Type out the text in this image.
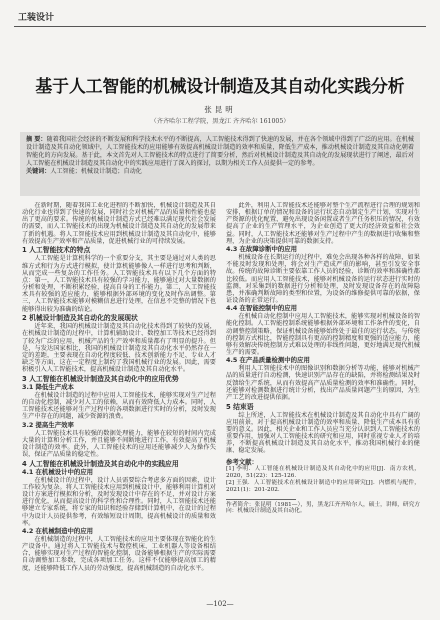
工装设计
基于人工智能的机械设计制造及其自动化实践分析
张昆明
（齐齐哈尔工程学院，黑龙江 齐齐哈尔 161005）

摘 要：随着我国社会经济的不断发展和科学技术水平的不断提高，人工智能技术得到了快速的发展，并在各个领域中得到了广泛的应用。在机械设计制造及其自动化领域中，人工智能技术的应用能够有效提高机械设计制造的效率和质量，降低生产成本，推动机械设计制造及其自动化朝着智能化的方向发展。基于此，本文首先对人工智能技术的特点进行了简要分析，然后对机械设计制造及其自动化的发展现状进行了阐述，最后对人工智能在机械设计制造及其自动化中的实践应用进行了深入的探讨，以期为相关工作人员提供一定的参考。

关键词：人工智能；机械设计制造；自动化

在新时期，随着我国工业化进程的不断加快，机械设计制造及其自动化行业也得到了快速的发展，同时社会对机械产品的质量和性能也提出了更高的要求。传统的机械设计制造方式已经难以满足现代社会发展的需要，而人工智能技术的出现为机械设计制造及其自动化的发展带来了新的机遇。将人工智能技术应用到机械设计制造及其自动化中，能够有效提高生产效率和产品质量，促进机械行业的可持续发展。

1 人工智能技术的特点

人工智能是计算机科学的一个重要分支，其主要是通过对人类的思维方式和行为方式进行模拟，使计算机能够像人一样进行思考和判断，从而完成一些复杂的工作任务。人工智能技术具有以下几个方面的特点：第一，人工智能技术具有较强的学习能力，能够通过对大量数据的分析和处理，不断积累经验，提高自身的工作能力。第二，人工智能技术具有较强的适应能力，能够根据外部环境的变化及时作出调整。第三，人工智能技术能够对模糊信息进行处理，在信息不完整的情况下也能够得出较为准确的结论。

2 机械设计制造及其自动化的发展现状

近年来，我国的机械设计制造及其自动化技术得到了较快的发展，在机械设计制造的过程中，计算机辅助设计、数控加工等技术已经得到了较为广泛的应用，机械产品的生产效率和质量都有了明显的提升。但是，与发达国家相比，我国的机械设计制造及其自动化水平仍然存在一定的差距，主要表现在自动化程度较低、技术创新能力不足、专业人才缺乏等方面，这在一定程度上制约了我国机械行业的发展。因此，需要积极引入人工智能技术，提高机械设计制造及其自动化水平。

3 人工智能在机械设计制造及其自动化中的应用优势
3.1 降低生产成本

在机械设计制造的过程中应用人工智能技术，能够实现对生产过程的自动化控制，减少对人工的依赖，从而有效降低人力成本。同时，人工智能技术还能够对生产过程中的各项数据进行实时的分析，及时发现生产中存在的问题，减少资源的浪费。

3.2 提高生产效率

人工智能技术具有较强的数据处理能力，能够在较短的时间内完成大量的计算和分析工作，并且能够不间断地进行工作，有效提高了机械设计制造的效率。此外，人工智能技术的应用还能够减少人为操作失误，保证产品质量的稳定性。

4 人工智能在机械设计制造及其自动化中的实践应用
4.1 在机械设计中的应用

在机械设计的过程中，设计人员需要综合考虑多方面的因素，设计工作较为复杂。将人工智能技术应用到机械设计中，能够利用计算机对设计方案进行模拟和分析，及时发现设计中存在的不足，并对设计方案进行优化，从而提高设计的科学性和合理性。同时，人工智能技术还能够建立专家系统，将专家的知识和经验存储到计算机中，在设计的过程中为设计人员提供参考，有效缩短设计周期，提高机械设计的质量和效率。

4.2 在机械制造中的应用

在机械制造的过程中，人工智能技术的应用主要体现在智能化的生产设备中。通过将人工智能技术与数控机床、工业机器人等设备相结合，能够实现对生产过程的智能化控制，设备能够根据生产的实际需要自动调整加工参数，完成各项加工任务。这样不仅能够提高加工的精度，还能够降低工作人员的劳动强度，提高机械制造的自动化水平。

此外，利用人工智能技术还能够对整个生产流程进行合理的规划和安排，根据订单的情况和设备的运行状态自动制定生产计划，实现对生产资源的优化配置，避免出现设备闲置或者生产任务积压的情况，有效提高了企业的生产管理水平，为企业创造了更大的经济效益和社会效益。同时，人工智能技术还能够对生产过程中产生的数据进行收集和整理，为企业的决策提供可靠的数据支持。

4.3 在故障诊断中的应用

机械设备在长期运行的过程中，难免会出现各种各样的故障，如果不能及时发现和处理，将会对生产造成严重的影响，甚至引发安全事故。传统的故障诊断主要依靠工作人员的经验，诊断的效率和准确性都比较低。而应用人工智能技术，能够对机械设备的运行状态进行实时的监测，对采集到的数据进行分析和处理，及时发现设备存在的故障隐患，并准确判断故障的类型和位置，为设备的维修提供可靠的依据，保证设备的正常运行。

4.4 在智能控制中的应用

在机械自动化控制中应用人工智能技术，能够实现对机械设备的智能化控制。人工智能控制系统能够根据外部环境和工作条件的变化，自动调整控制策略，保证机械设备能够始终处于最佳的运行状态。与传统的控制方式相比，智能控制具有更高的控制精度和更强的适应能力，能够有效解决传统控制方式难以处理的非线性问题，更好地满足现代机械生产的需要。

4.5 在产品质量检测中的应用

利用人工智能技术中的图像识别和数据分析等功能，能够对机械产品的质量进行自动检测，快速识别产品存在的缺陷，并将检测结果及时反馈给生产系统，从而有效提高产品质量检测的效率和准确性。同时，还能够对检测数据进行统计分析，找出产品质量问题产生的原因，为生产工艺的改进提供依据。

5 结束语

综上所述，人工智能技术在机械设计制造及其自动化中具有广阔的应用前景，对于提高机械设计制造的效率和质量、降低生产成本具有重要的意义。因此，相关企业和工作人员应当充分认识到人工智能技术的重要作用，加强对人工智能技术的研究和应用，同时重视专业人才的培养，不断提高机械设计制造及其自动化水平，推动我国机械行业的健康、稳定发展。

参考文献：

[1] 李明．人工智能在机械设计制造及其自动化中的应用[J]．南方农机，2020，51(22)：125-126．

[2] 王强．人工智能技术在机械设计制造中的应用研究[J]．内燃机与配件，2021(1)：201-202．

作者简介：张昆明（1981—），男，黑龙江齐齐哈尔人，硕士，讲师，研究方向：机械设计制造及其自动化。

—102—
